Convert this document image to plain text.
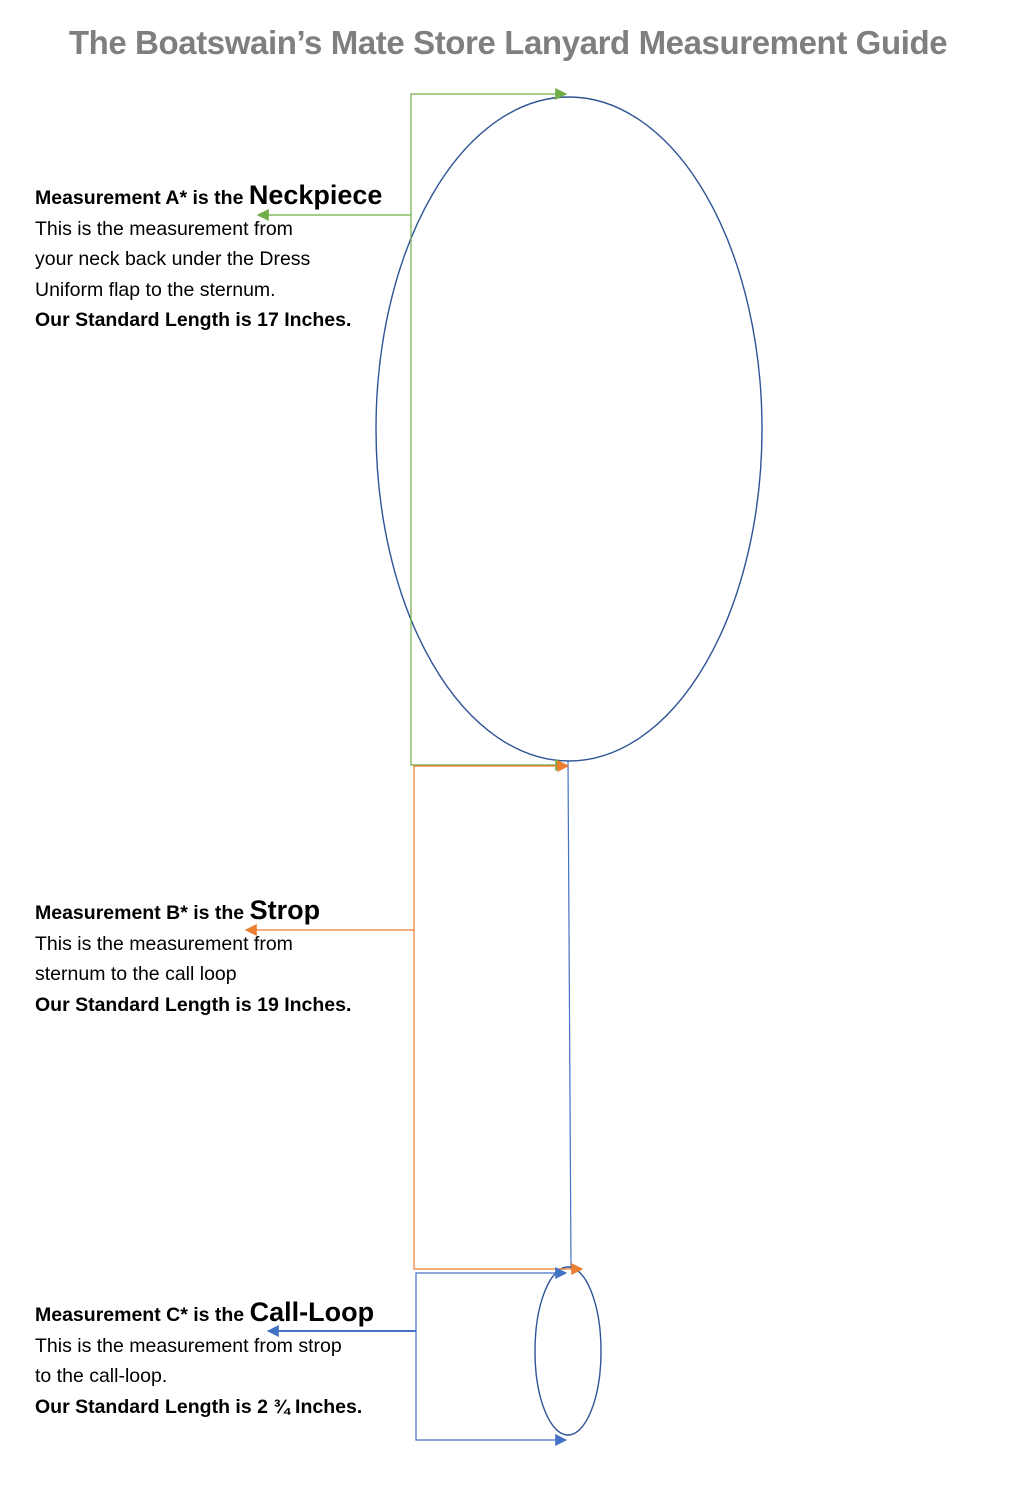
The Boatswain’s Mate Store Lanyard Measurement Guide
Measurement A* is the Neckpiece
This is the measurement from
your neck back under the Dress
Uniform flap to the sternum.
Our Standard Length is 17 Inches.
Measurement B* is the Strop
This is the measurement from
sternum to the call loop
Our Standard Length is 19 Inches.
Measurement C* is the Call-Loop
This is the measurement from strop
to the call-loop.
Our Standard Length is 2 ¾ Inches.
